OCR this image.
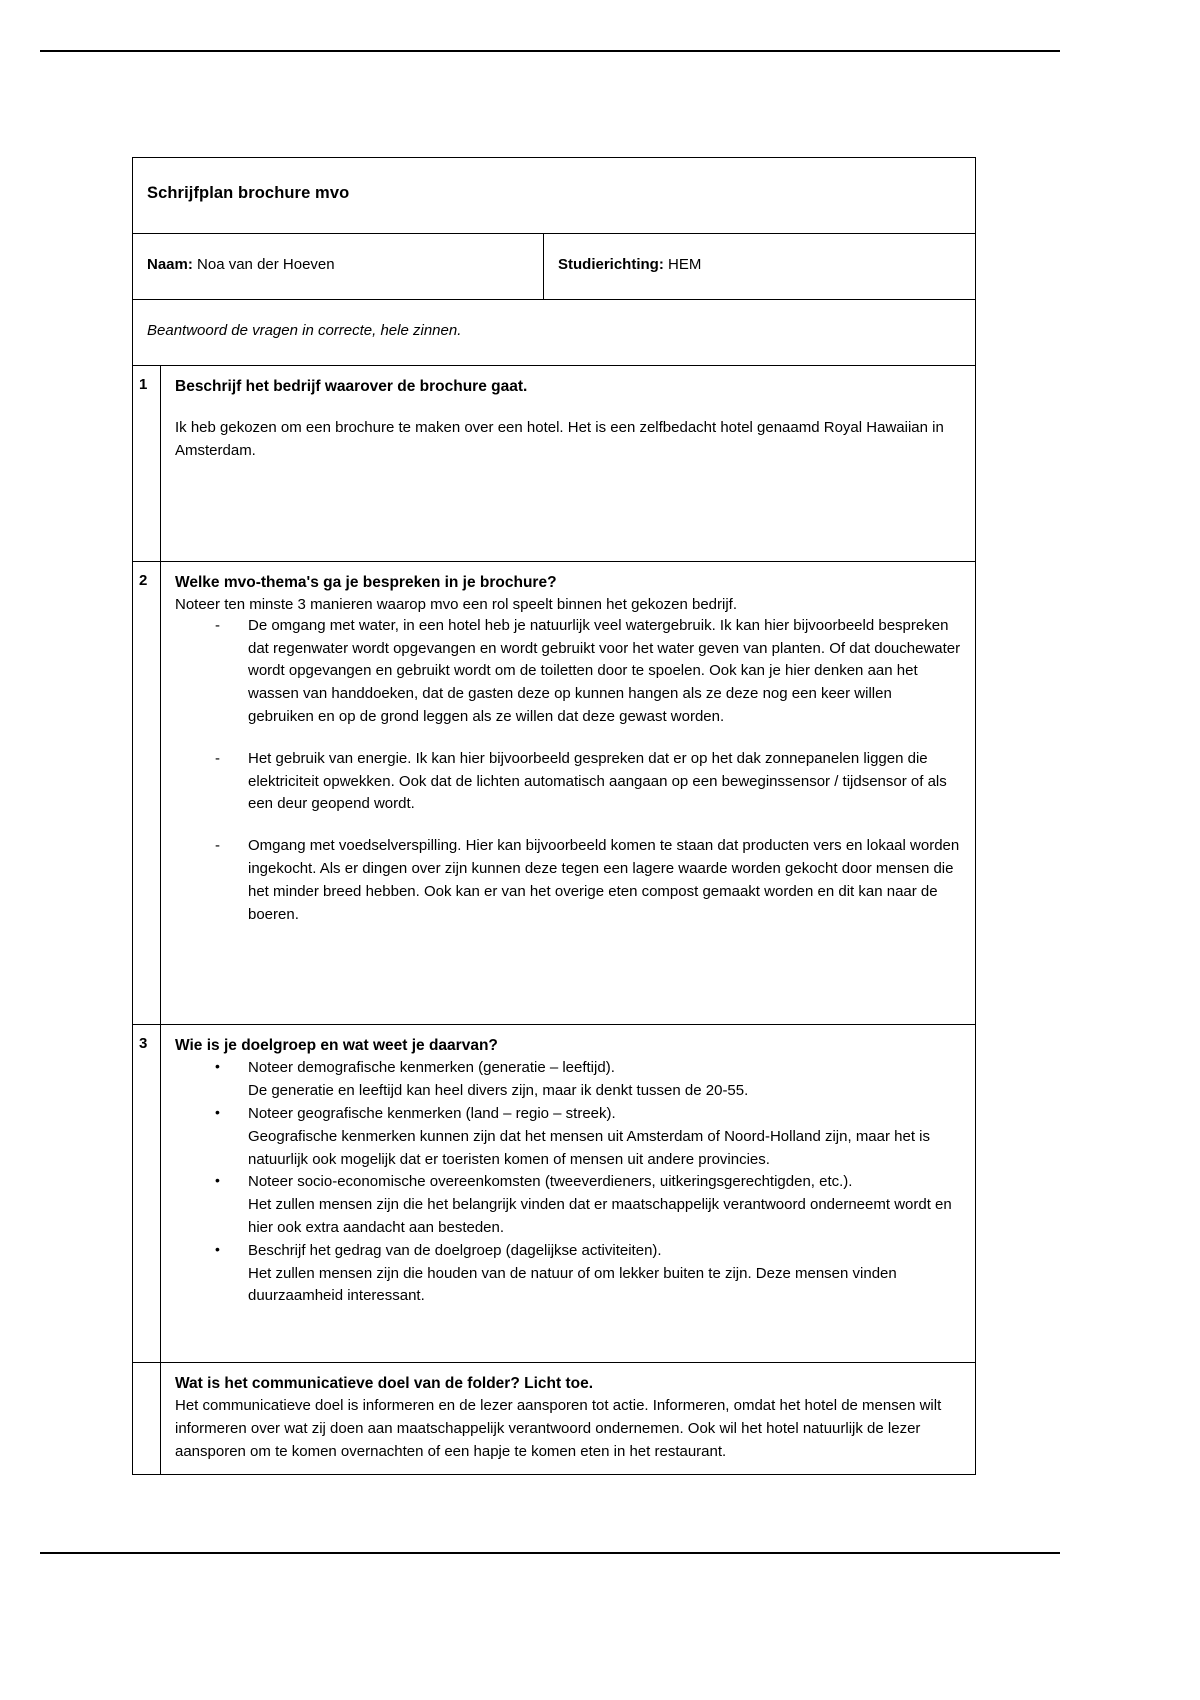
Schrijfplan brochure mvo		

Naam: Noa van der Hoeven		Studierichting: HEM

Beantwoord de vragen in correcte, hele zinnen.		

1	Beschrijf het bedrijf waarover de brochure gaat.
Ik heb gekozen om een brochure te maken over een hotel. Het is een zelfbedacht hotel genaamd Royal Hawaiian in Amsterdam.	

2	Welke mvo-thema's ga je bespreken in je brochure?
Noteer ten minste 3 manieren waarop mvo een rol speelt binnen het gekozen bedrijf.
- De omgang met water, in een hotel heb je natuurlijk veel watergebruik. Ik kan hier bijvoorbeeld bespreken dat regenwater wordt opgevangen en wordt gebruikt voor het water geven van planten. Of dat douchewater wordt opgevangen en gebruikt wordt om de toiletten door te spoelen. Ook kan je hier denken aan het wassen van handdoeken, dat de gasten deze op kunnen hangen als ze deze nog een keer willen gebruiken en op de grond leggen als ze willen dat deze gewast worden.
- Het gebruik van energie. Ik kan hier bijvoorbeeld gespreken dat er op het dak zonnepanelen liggen die elektriciteit opwekken. Ook dat de lichten automatisch aangaan op een beweginssensor / tijdsensor of als een deur geopend wordt.
- Omgang met voedselverspilling. Hier kan bijvoorbeeld komen te staan dat producten vers en lokaal worden ingekocht. Als er dingen over zijn kunnen deze tegen een lagere waarde worden gekocht door mensen die het minder breed hebben. Ook kan er van het overige eten compost gemaakt worden en dit kan naar de boeren.

3	Wie is je doelgroep en wat weet je daarvan?
• Noteer demografische kenmerken (generatie – leeftijd).
De generatie en leeftijd kan heel divers zijn, maar ik denkt tussen de 20-55.
• Noteer geografische kenmerken (land – regio – streek).
Geografische kenmerken kunnen zijn dat het mensen uit Amsterdam of Noord-Holland zijn, maar het is natuurlijk ook mogelijk dat er toeristen komen of mensen uit andere provincies.
• Noteer socio-economische overeenkomsten (tweeverdieners, uitkeringsgerechtigden, etc.).
Het zullen mensen zijn die het belangrijk vinden dat er maatschappelijk verantwoord onderneemt wordt en hier ook extra aandacht aan besteden.
• Beschrijf het gedrag van de doelgroep (dagelijkse activiteiten).
Het zullen mensen zijn die houden van de natuur of om lekker buiten te zijn. Deze mensen vinden duurzaamheid interessant.

	Wat is het communicatieve doel van de folder? Licht toe.
Het communicatieve doel is informeren en de lezer aansporen tot actie. Informeren, omdat het hotel de mensen wilt informeren over wat zij doen aan maatschappelijk verantwoord ondernemen. Ook wil het hotel natuurlijk de lezer aansporen om te komen overnachten of een hapje te komen eten in het restaurant.	
